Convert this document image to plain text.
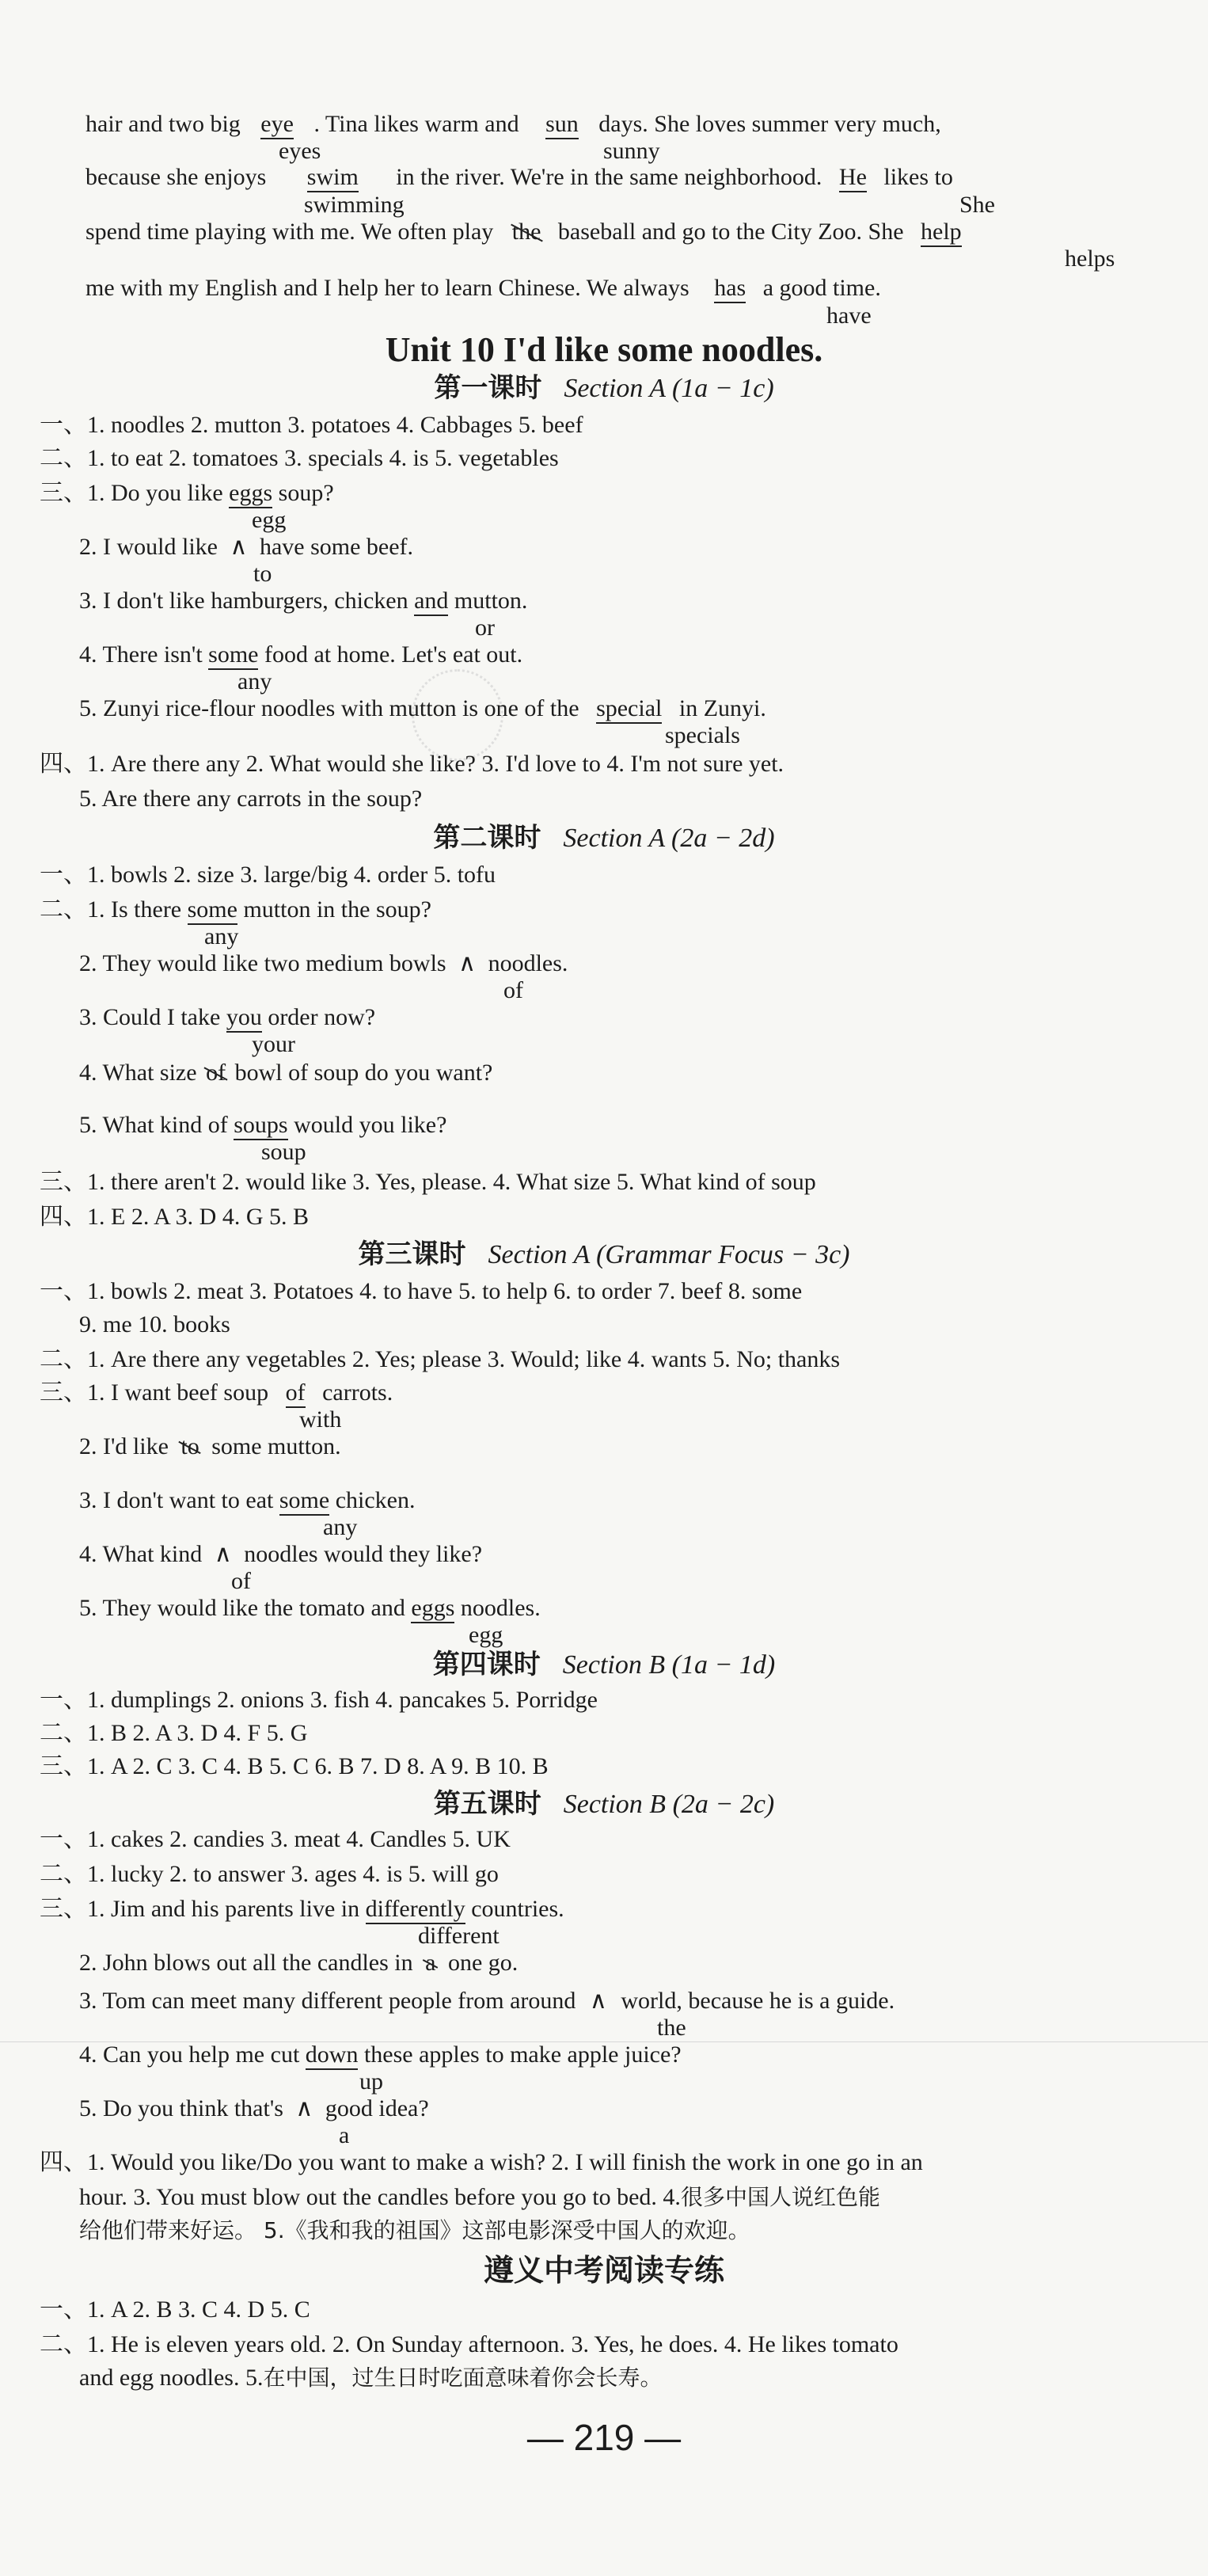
hair and two big eye . Tina likes warm and sun days. She loves summer very much,
eyes	sunny
because she enjoys swim in the river. We're in the same neighborhood. He likes to
swimming	She
spend time playing with me. We often play the baseball and go to the City Zoo. She help
helps
me with my English and I help her to learn Chinese. We always has a good time.
have
Unit 10 I'd like some noodles.
第一课时 Section A (1a − 1c)
一、1. noodles 2. mutton 3. potatoes 4. Cabbages 5. beef
二、1. to eat 2. tomatoes 3. specials 4. is 5. vegetables
三、1. Do you like eggs soup?
egg
2. I would like ∧ have some beef.
to
3. I don't like hamburgers, chicken and mutton.
or
4. There isn't some food at home. Let's eat out.
any
5. Zunyi rice-flour noodles with mutton is one of the special in Zunyi.
specials
四、1. Are there any 2. What would she like? 3. I'd love to 4. I'm not sure yet.
5. Are there any carrots in the soup?
第二课时 Section A (2a − 2d)
一、1. bowls 2. size 3. large/big 4. order 5. tofu
二、1. Is there some mutton in the soup?
any
2. They would like two medium bowls ∧ noodles.
of
3. Could I take you order now?
your
4. What size of bowl of soup do you want?
5. What kind of soups would you like?
soup
三、1. there aren't 2. would like 3. Yes, please. 4. What size 5. What kind of soup
四、1. E 2. A 3. D 4. G 5. B
第三课时 Section A (Grammar Focus − 3c)
一、1. bowls 2. meat 3. Potatoes 4. to have 5. to help 6. to order 7. beef 8. some
9. me 10. books
二、1. Are there any vegetables 2. Yes; please 3. Would; like 4. wants 5. No; thanks
三、1. I want beef soup of carrots.
with
2. I'd like to some mutton.
3. I don't want to eat some chicken.
any
4. What kind ∧ noodles would they like?
of
5. They would like the tomato and eggs noodles.
egg
第四课时 Section B (1a − 1d)
一、1. dumplings 2. onions 3. fish 4. pancakes 5. Porridge
二、1. B 2. A 3. D 4. F 5. G
三、1. A 2. C 3. C 4. B 5. C 6. B 7. D 8. A 9. B 10. B
第五课时 Section B (2a − 2c)
一、1. cakes 2. candies 3. meat 4. Candles 5. UK
二、1. lucky 2. to answer 3. ages 4. is 5. will go
三、1. Jim and his parents live in differently countries.
different
2. John blows out all the candles in a one go.
3. Tom can meet many different people from around ∧ world, because he is a guide.
the
4. Can you help me cut down these apples to make apple juice?
up
5. Do you think that's ∧ good idea?
a
四、1. Would you like/Do you want to make a wish? 2. I will finish the work in one go in an
hour. 3. You must blow out the candles before you go to bed. 4.很多中国人说红色能
给他们带来好运。 5.《我和我的祖国》这部电影深受中国人的欢迎。
遵义中考阅读专练
一、1. A 2. B 3. C 4. D 5. C
二、1. He is eleven years old. 2. On Sunday afternoon. 3. Yes, he does. 4. He likes tomato
and egg noodles. 5.在中国，过生日时吃面意味着你会长寿。
— 219 —
